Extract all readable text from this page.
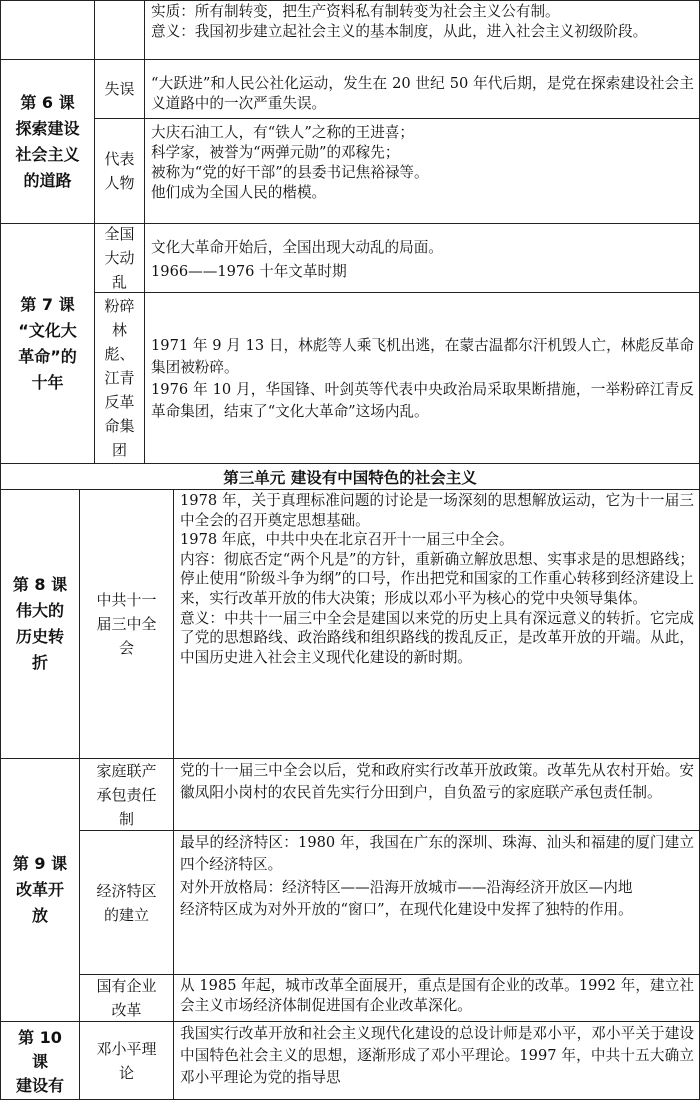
实质：所有制转变，把生产资料私有制转变为社会主义公有制。
意义：我国初步建立起社会主义的基本制度，从此，进入社会主义初级阶段。
第 6 课
探索建设
社会主义
的道路
失误	“大跃进”和人民公社化运动，发生在 20 世纪 50 年代后期，是党在探索建设社会主义道路中的一次严重失误。
代表
人物
大庆石油工人，有“铁人”之称的王进喜；
科学家，被誉为“两弹元勋”的邓稼先；
被称为“党的好干部”的县委书记焦裕禄等。
他们成为全国人民的楷模。
第 7 课
“文化大
革命”的
十年
全国
大动
乱
文化大革命开始后，全国出现大动乱的局面。
1966——1976 十年文革时期
粉碎
林
彪、
江青
反革
命集
团
1971 年 9 月 13 日，林彪等人乘飞机出逃，在蒙古温都尔汗机毁人亡，林彪反革命集团被粉碎。
1976 年 10 月，华国锋、叶剑英等代表中央政治局采取果断措施，一举粉碎江青反革命集团，结束了“文化大革命”这场内乱。
第三单元 建设有中国特色的社会主义
第 8 课
伟大的
历史转
折
中共十一
届三中全
会
1978 年，关于真理标准问题的讨论是一场深刻的思想解放运动，它为十一届三中全会的召开奠定思想基础。
1978 年底，中共中央在北京召开十一届三中全会。
内容：彻底否定“两个凡是”的方针，重新确立解放思想、实事求是的思想路线；停止使用“阶级斗争为纲”的口号，作出把党和国家的工作重心转移到经济建设上来，实行改革开放的伟大决策；形成以邓小平为核心的党中央领导集体。
意义：中共十一届三中全会是建国以来党的历史上具有深远意义的转折。它完成了党的思想路线、政治路线和组织路线的拨乱反正，是改革开放的开端。从此，中国历史进入社会主义现代化建设的新时期。
第 9 课
改革开
放
家庭联产
承包责任
制
党的十一届三中全会以后，党和政府实行改革开放政策。改革先从农村开始。安徽凤阳小岗村的农民首先实行分田到户，自负盈亏的家庭联产承包责任制。
经济特区
的建立
最早的经济特区：1980 年，我国在广东的深圳、珠海、汕头和福建的厦门建立四个经济特区。
对外开放格局：经济特区——沿海开放城市——沿海经济开放区—内地
经济特区成为对外开放的“窗口”，在现代化建设中发挥了独特的作用。
国有企业
改革
从 1985 年起，城市改革全面展开，重点是国有企业的改革。1992 年，建立社会主义市场经济体制促进国有企业改革深化。
第 10
课
建设有
邓小平理
论
我国实行改革开放和社会主义现代化建设的总设计师是邓小平，邓小平关于建设中国特色社会主义的思想，逐渐形成了邓小平理论。1997 年，中共十五大确立邓小平理论为党的指导思
